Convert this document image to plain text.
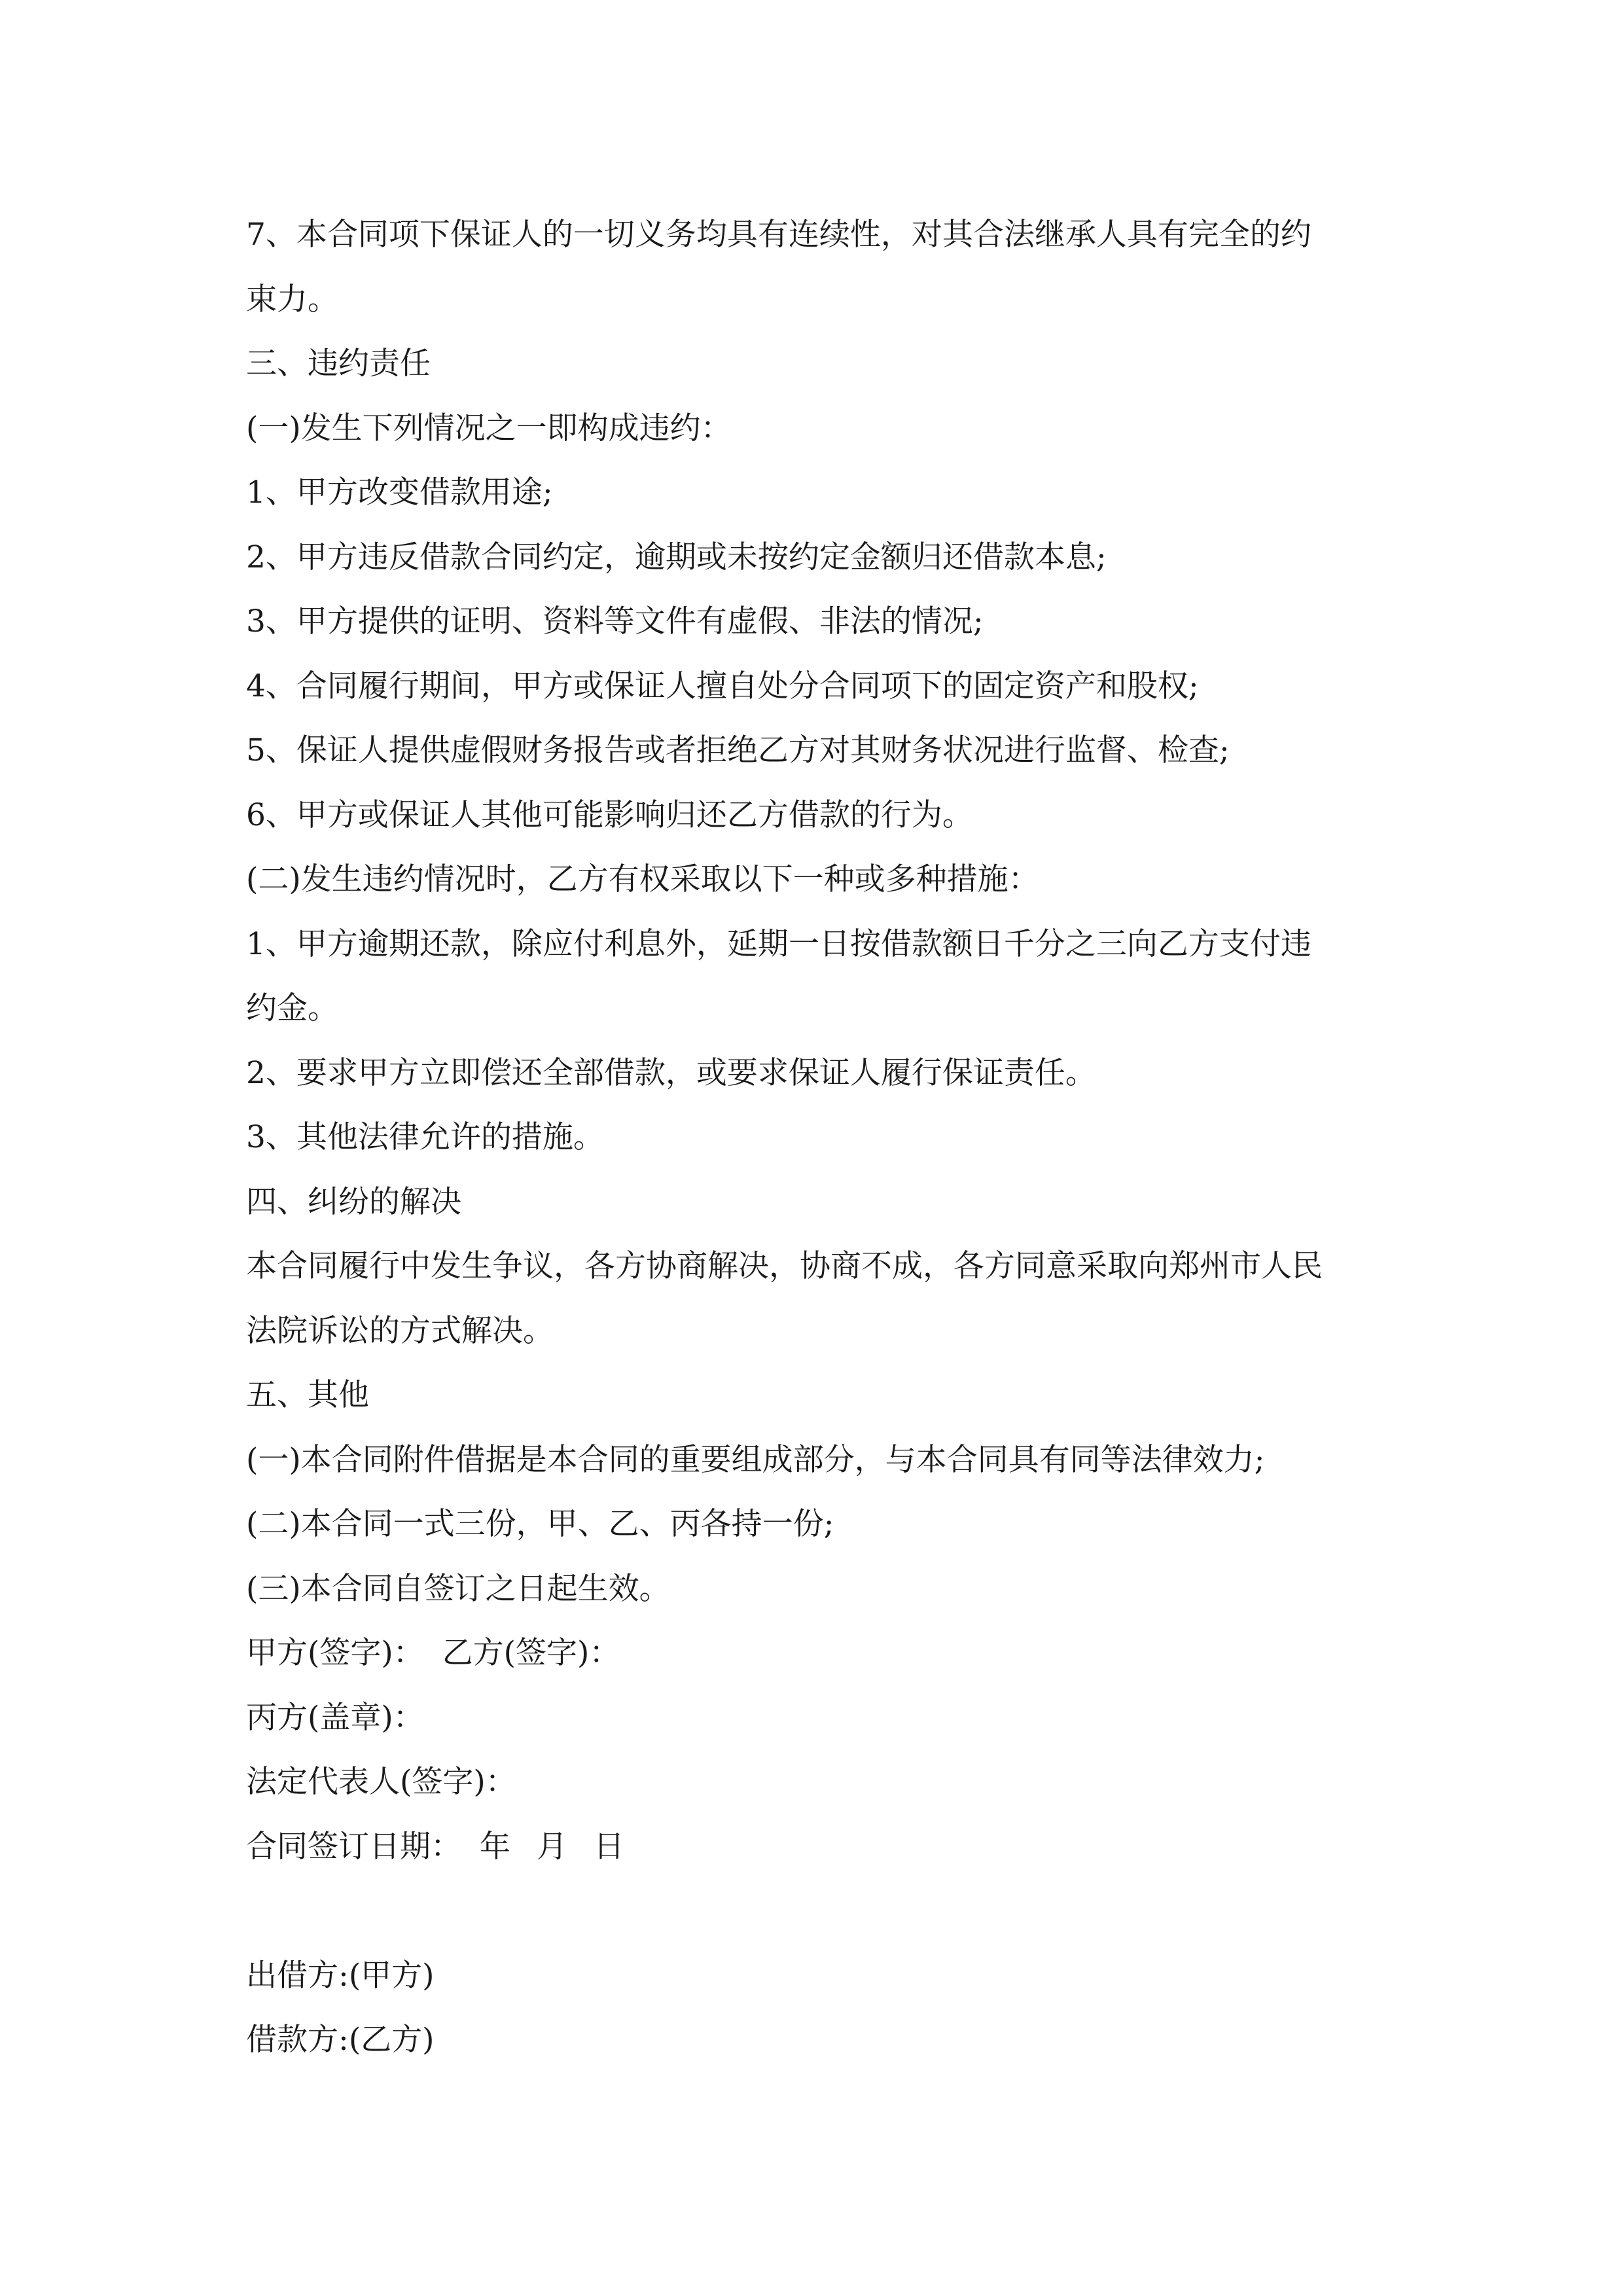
7、本合同项下保证人的一切义务均具有连续性，对其合法继承人具有完全的约
束力。
三、违约责任
(一)发生下列情况之一即构成违约：
1、甲方改变借款用途;
2、甲方违反借款合同约定，逾期或未按约定金额归还借款本息;
3、甲方提供的证明、资料等文件有虚假、非法的情况;
4、合同履行期间，甲方或保证人擅自处分合同项下的固定资产和股权;
5、保证人提供虚假财务报告或者拒绝乙方对其财务状况进行监督、检查;
6、甲方或保证人其他可能影响归还乙方借款的行为。
(二)发生违约情况时，乙方有权采取以下一种或多种措施：
1、甲方逾期还款，除应付利息外，延期一日按借款额日千分之三向乙方支付违
约金。
2、要求甲方立即偿还全部借款，或要求保证人履行保证责任。
3、其他法律允许的措施。
四、纠纷的解决
本合同履行中发生争议，各方协商解决，协商不成，各方同意采取向郑州市人民
法院诉讼的方式解决。
五、其他
(一)本合同附件借据是本合同的重要组成部分，与本合同具有同等法律效力;
(二)本合同一式三份，甲、乙、丙各持一份;
(三)本合同自签订之日起生效。
甲方(签字)： 乙方(签字)：
丙方(盖章)：
法定代表人(签字)：
合同签订日期： 年 月 日
出借方:(甲方)
借款方:(乙方)
